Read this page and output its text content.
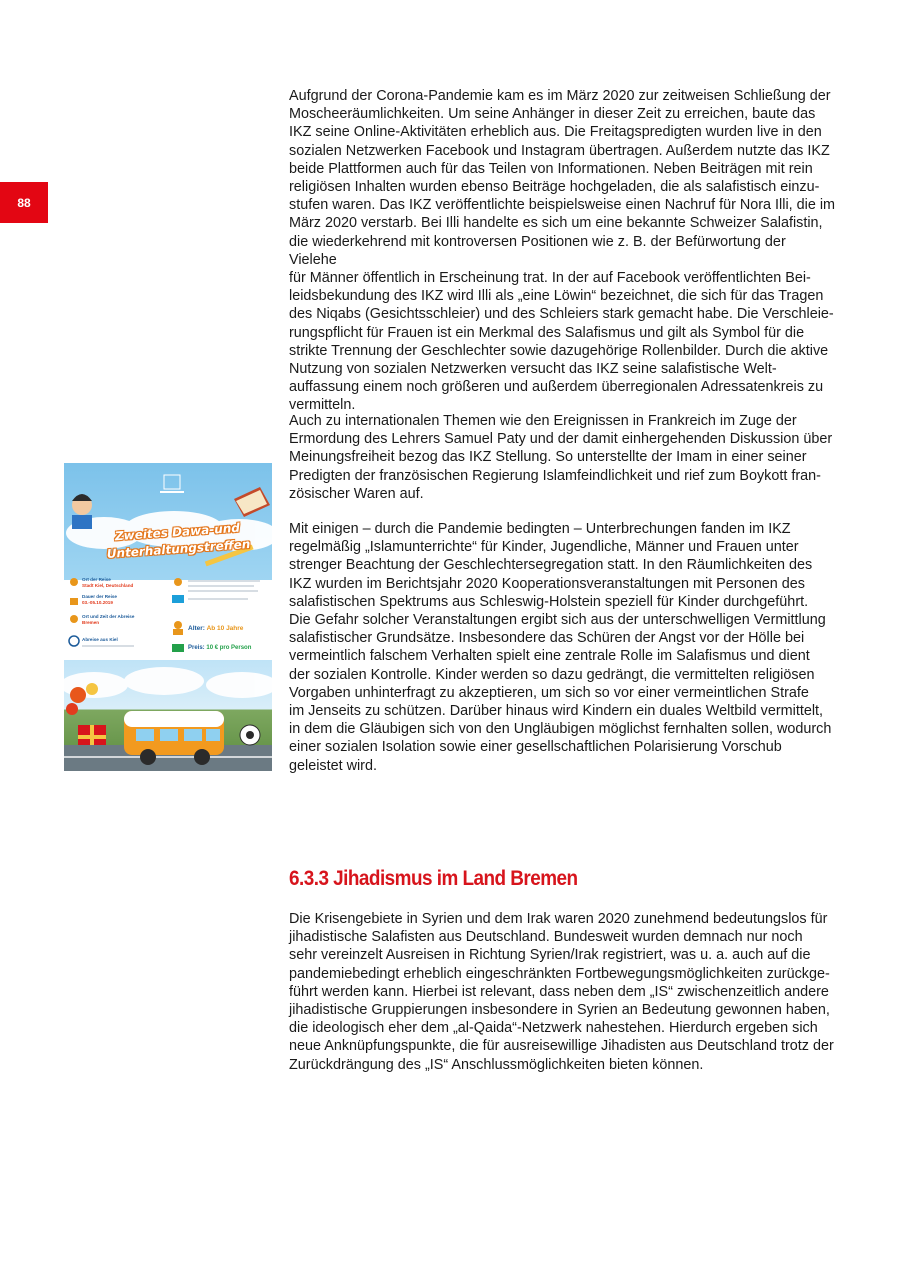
88
Aufgrund der Corona-Pandemie kam es im März 2020 zur zeitweisen Schließung der
Moscheeräumlichkeiten. Um seine Anhänger in dieser Zeit zu erreichen, baute das
IKZ seine Online-Aktivitäten erheblich aus. Die Freitagspredigten wurden live in den
sozialen Netzwerken Facebook und Instagram übertragen. Außerdem nutzte das IKZ
beide Plattformen auch für das Teilen von Informationen. Neben Beiträgen mit rein
religiösen Inhalten wurden ebenso Beiträge hochgeladen, die als salafistisch einzu-
stufen waren. Das IKZ veröffentlichte beispielsweise einen Nachruf für Nora Illi, die im
März 2020 verstarb. Bei Illi handelte es sich um eine bekannte Schweizer Salafistin,
die wiederkehrend mit kontroversen Positionen wie z. B. der Befürwortung der Vielehe
für Männer öffentlich in Erscheinung trat. In der auf Facebook veröffentlichten Bei-
leidsbekundung des IKZ wird Illi als „eine Löwin“ bezeichnet, die sich für das Tragen
des Niqabs (Gesichtsschleier) und des Schleiers stark gemacht habe. Die Verschleie-
rungspflicht für Frauen ist ein Merkmal des Salafismus und gilt als Symbol für die
strikte Trennung der Geschlechter sowie dazugehörige Rollenbilder. Durch die aktive
Nutzung von sozialen Netzwerken versucht das IKZ seine salafistische Welt-
auffassung einem noch größeren und außerdem überregionalen Adressatenkreis zu
vermitteln.
Auch zu internationalen Themen wie den Ereignissen in Frankreich im Zuge der
Ermordung des Lehrers Samuel Paty und der damit einhergehenden Diskussion über
Meinungsfreiheit bezog das IKZ Stellung. So unterstellte der Imam in einer seiner
Predigten der französischen Regierung Islamfeindlichkeit und rief zum Boykott fran-
zösischer Waren auf.
Mit einigen – durch die Pandemie bedingten – Unterbrechungen fanden im IKZ
regelmäßig „Islamunterrichte“ für Kinder, Jugendliche, Männer und Frauen unter
strenger Beachtung der Geschlechtersegregation statt. In den Räumlichkeiten des
IKZ wurden im Berichtsjahr 2020 Kooperationsveranstaltungen mit Personen des
salafistischen Spektrums aus Schleswig-Holstein speziell für Kinder durchgeführt.
Die Gefahr solcher Veranstaltungen ergibt sich aus der unterschwelligen Vermittlung
salafistischer Grundsätze. Insbesondere das Schüren der Angst vor der Hölle bei
vermeintlich falschem Verhalten spielt eine zentrale Rolle im Salafismus und dient
der sozialen Kontrolle. Kinder werden so dazu gedrängt, die vermittelten religiösen
Vorgaben unhinterfragt zu akzeptieren, um sich so vor einer vermeintlichen Strafe
im Jenseits zu schützen. Darüber hinaus wird Kindern ein duales Weltbild vermittelt,
in dem die Gläubigen sich von den Ungläubigen möglichst fernhalten sollen, wodurch
einer sozialen Isolation sowie einer gesellschaftlichen Polarisierung Vorschub
geleistet wird.
6.3.3 Jihadismus im Land Bremen
Die Krisengebiete in Syrien und dem Irak waren 2020 zunehmend bedeutungslos für
jihadistische Salafisten aus Deutschland. Bundesweit wurden demnach nur noch
sehr vereinzelt Ausreisen in Richtung Syrien/Irak registriert, was u. a. auch auf die
pandemiebedingt erheblich eingeschränkten Fortbewegungsmöglichkeiten zurückge-
führt werden kann. Hierbei ist relevant, dass neben dem „IS“ zwischenzeitlich andere
jihadistische Gruppierungen insbesondere in Syrien an Bedeutung gewonnen haben,
die ideologisch eher dem „al-Qaida“-Netzwerk nahestehen. Hierdurch ergeben sich
neue Anknüpfungspunkte, die für ausreisewillige Jihadisten aus Deutschland trotz der
Zurückdrängung des „IS“ Anschlussmöglichkeiten bieten können.
Zweites Dawa-und
Unterhaltungstreffen
Ort der Reise
Stadt Kiel, Deutschland
Dauer der Reise
03.-05.10.2019
Ort und Zeit der Abreise
Bremen
Abreise aus Kiel
Alter: Ab 10 Jahre
Preis: 10 € pro Person
